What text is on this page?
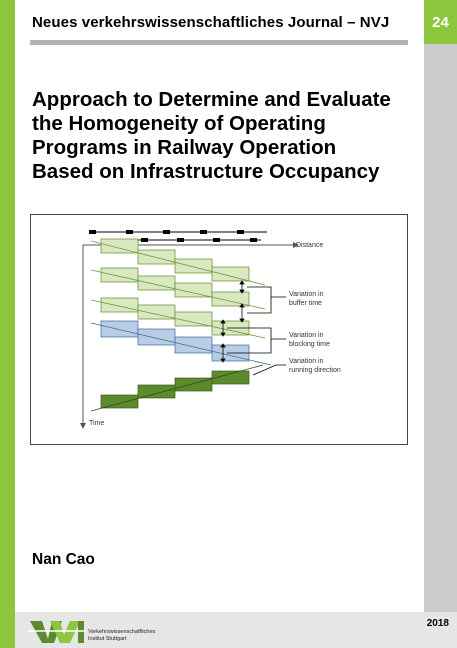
24
Neues verkehrswissenschaftliches Journal – NVJ
Approach to Determine and Evaluate
the Homogeneity of Operating
Programs in Railway Operation
Based on Infrastructure Occupancy
Distance
Time
Variation in
buffer time
Variation in
blocking time
Variation in
running direction
Nan Cao
2018
Verkehrswissenschaftliches
Institut Stuttgart
